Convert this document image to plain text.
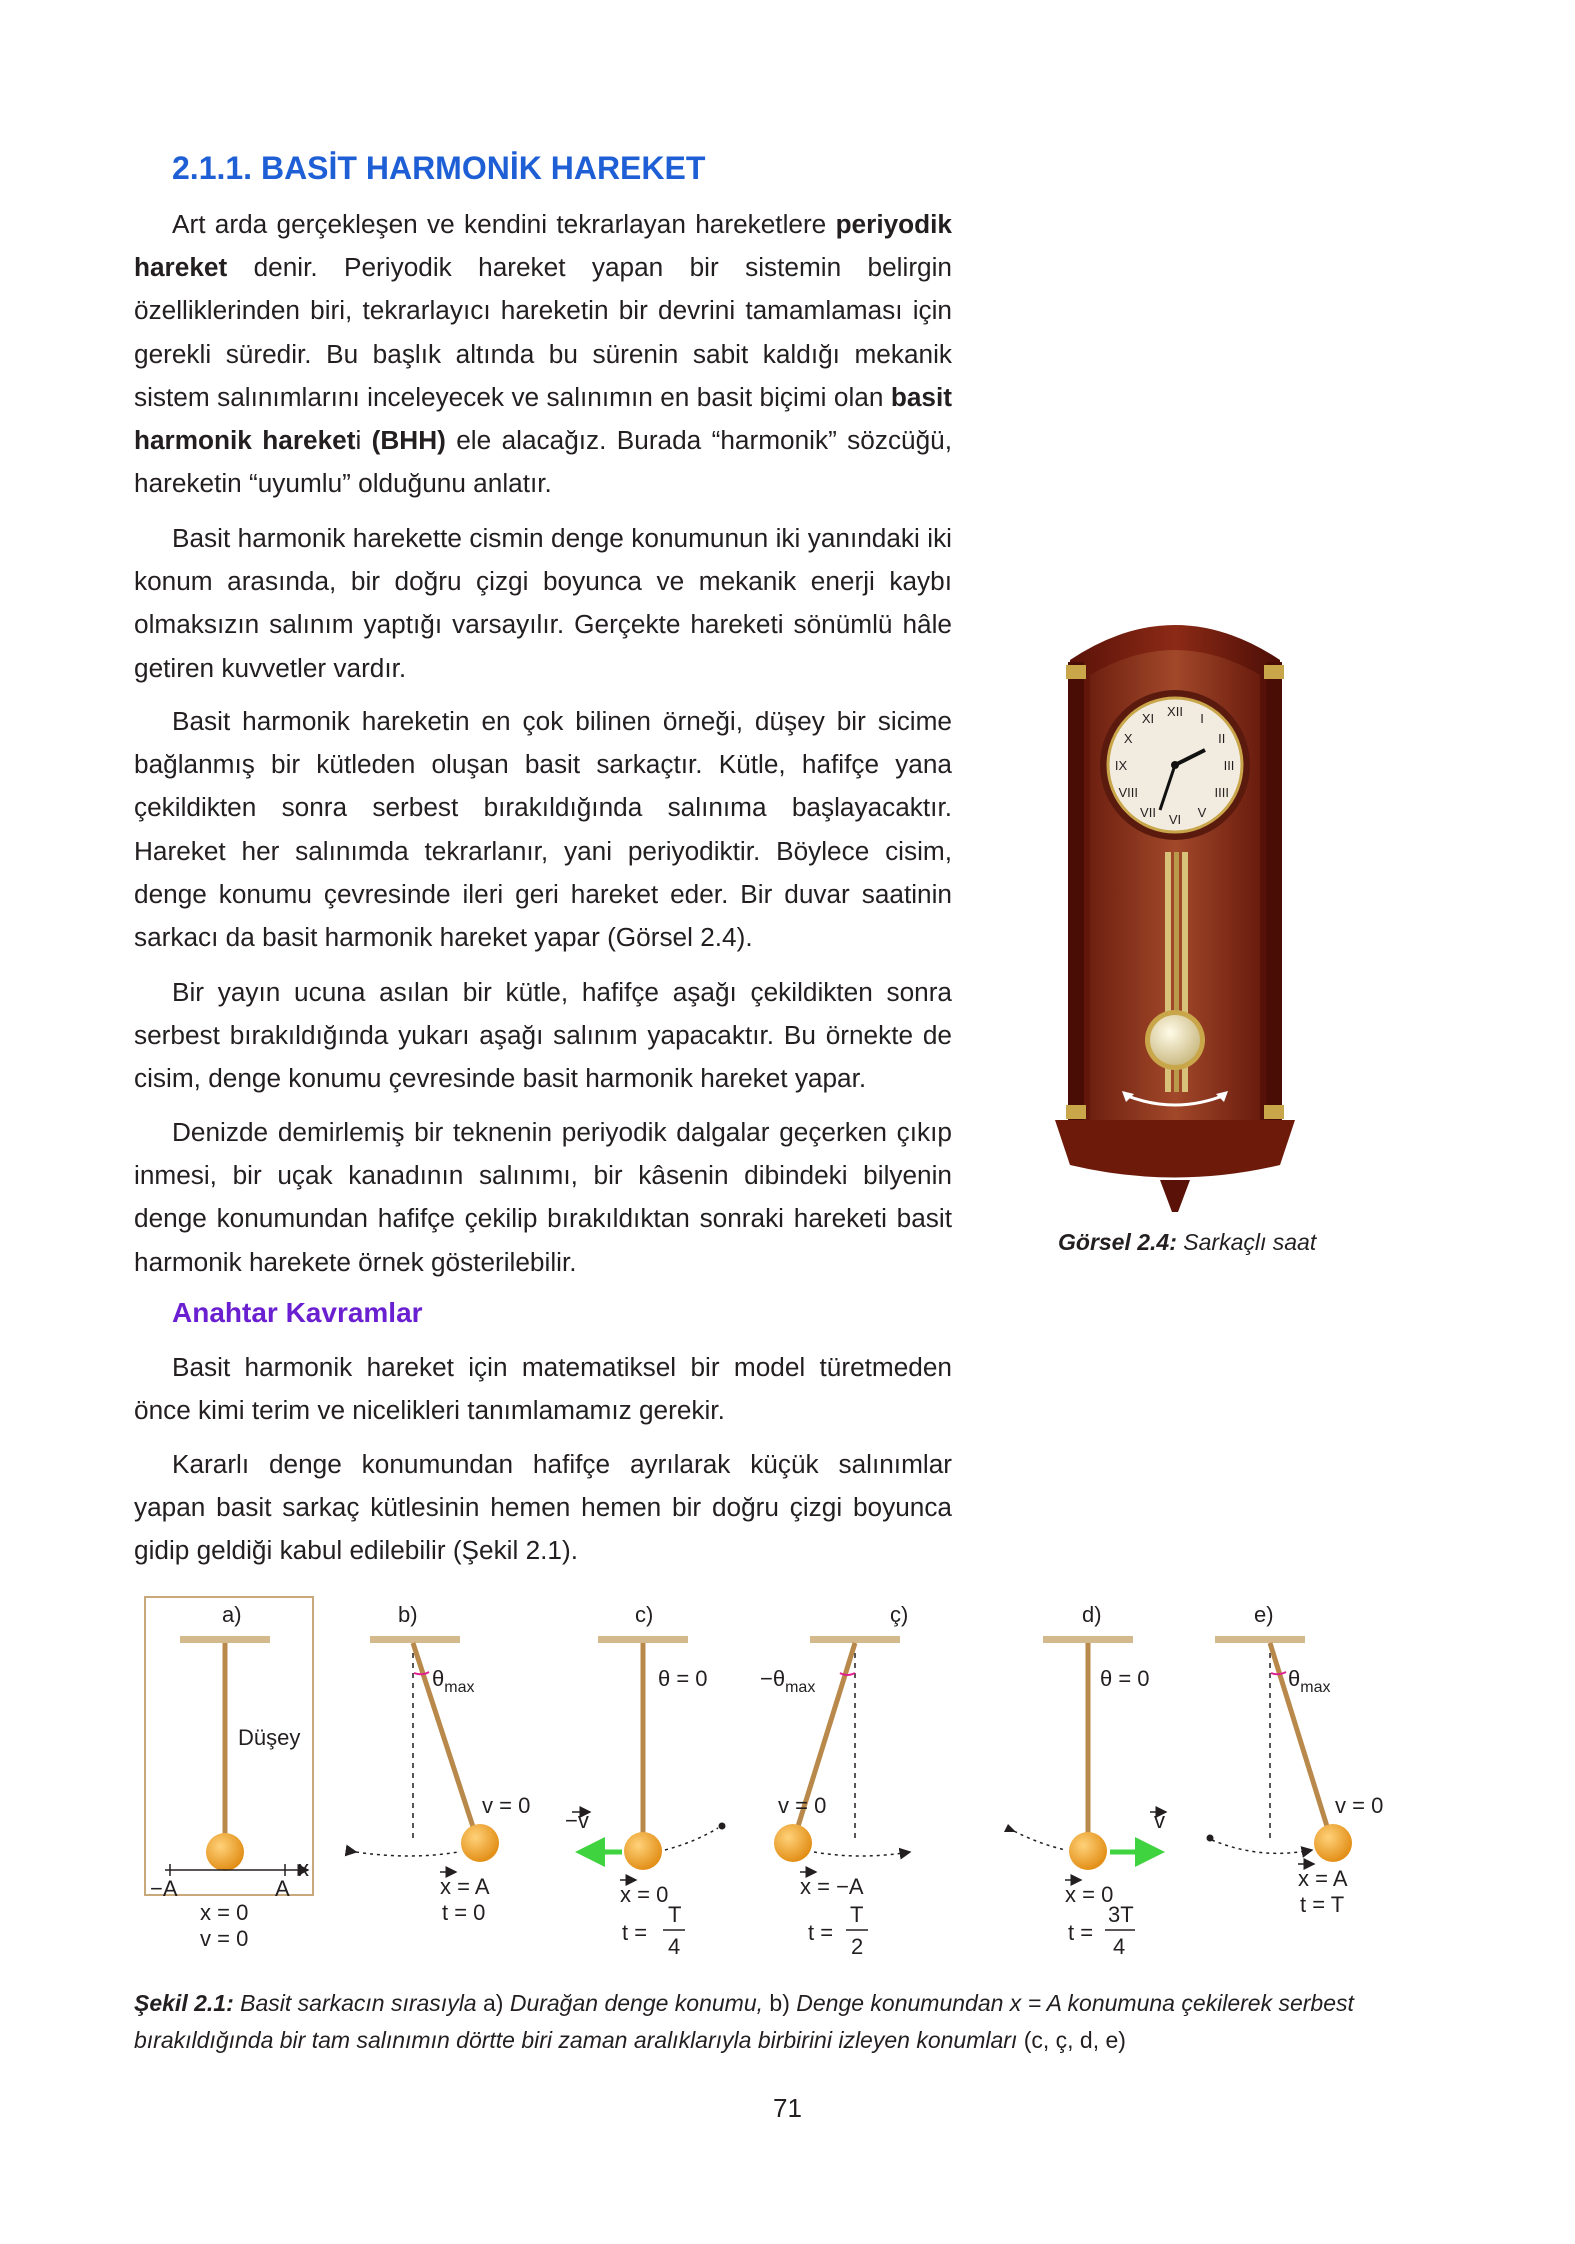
2.1.1. BASİT HARMONİK HAREKET

Art arda gerçekleşen ve kendini tekrarlayan hareketlere periyodik hareket denir. Periyodik hareket yapan bir sistemin belirgin özelliklerinden biri, tekrarlayıcı hareketin bir devrini tamamlaması için gerekli süredir. Bu başlık altında bu sürenin sabit kaldığı mekanik sistem salınımlarını inceleyecek ve salınımın en basit biçimi olan basit harmonik hareketi (BHH) ele alacağız. Burada “harmonik” sözcüğü, hareketin “uyumlu” olduğunu anlatır.

Basit harmonik harekette cismin denge konumunun iki yanındaki iki konum arasında, bir doğru çizgi boyunca ve mekanik enerji kaybı olmaksızın salınım yaptığı varsayılır. Gerçekte hareketi sönümlü hâle getiren kuvvetler vardır.

Basit harmonik hareketin en çok bilinen örneği, düşey bir sicime bağlanmış bir kütleden oluşan basit sarkaçtır. Kütle, hafifçe yana çekildikten sonra serbest bırakıldığında salınıma başlayacaktır. Hareket her salınımda tekrarlanır, yani periyodiktir. Böylece cisim, denge konumu çevresinde ileri geri hareket eder. Bir duvar saatinin sarkacı da basit harmonik hareket yapar (Görsel 2.4).

Bir yayın ucuna asılan bir kütle, hafifçe aşağı çekildikten sonra serbest bırakıldığında yukarı aşağı salınım yapacaktır. Bu örnekte de cisim, denge konumu çevresinde basit harmonik hareket yapar.

Denizde demirlemiş bir teknenin periyodik dalgalar geçerken çıkıp inmesi, bir uçak kanadının salınımı, bir kâsenin dibindeki bilyenin denge konumundan hafifçe çekilip bırakıldıktan sonraki hareketi basit harmonik harekete örnek gösterilebilir.

Anahtar Kavramlar

Basit harmonik hareket için matematiksel bir model türetmeden önce kimi terim ve nicelikleri tanımlamamız gerekir.

Kararlı denge konumundan hafifçe ayrılarak küçük salınımlar yapan basit sarkaç kütlesinin hemen hemen bir doğru çizgi boyunca gidip geldiği kabul edilebilir (Şekil 2.1).

XII I
II
III
IIII
V
VI
VII
VIII
IX
X
XI

Görsel 2.4: Sarkaçlı saat

a)
Düşey
−A	A
x
x = 0
v = 0
b)
$\theta_{max}$
v = 0
x = A
t = 0
c)
θ = 0
−v
x = 0
t =
T
4
ç)
$-\theta_{max}$
v = 0
x = −A
t =
T
2
d)
θ = 0
v
x = 0
t =
3T
4
e)
$\theta_{max}$
v = 0
x = A
t = T

Şekil 2.1: Basit sarkacın sırasıyla a) Durağan denge konumu, b) Denge konumundan x = A konumuna çekilerek serbest bırakıldığında bir tam salınımın dörtte biri zaman aralıklarıyla birbirini izleyen konumları (c, ç, d, e)

71
